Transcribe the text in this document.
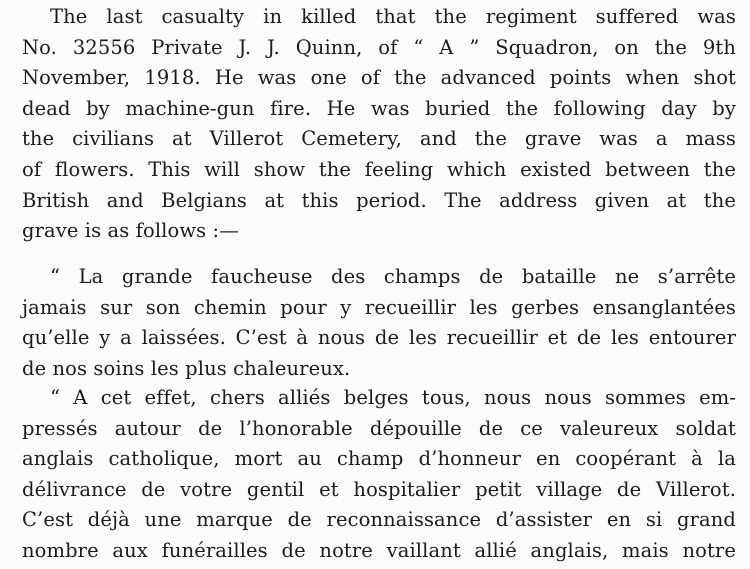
The last casualty in killed that the regiment suffered was
No. 32556 Private J. J. Quinn, of “ A ” Squadron, on the 9th
November, 1918. He was one of the advanced points when shot
dead by machine-gun fire. He was buried the following day by
the civilians at Villerot Cemetery, and the grave was a mass
of flowers. This will show the feeling which existed between the
British and Belgians at this period. The address given at the
grave is as follows :—
“ La grande faucheuse des champs de bataille ne s’arrête
jamais sur son chemin pour y recueillir les gerbes ensanglantées
qu’elle y a laissées. C’est à nous de les recueillir et de les entourer
de nos soins les plus chaleureux.
“ A cet effet, chers alliés belges tous, nous nous sommes em-
pressés autour de l’honorable dépouille de ce valeureux soldat
anglais catholique, mort au champ d’honneur en coopérant à la
délivrance de votre gentil et hospitalier petit village de Villerot.
C’est déjà une marque de reconnaissance d’assister en si grand
nombre aux funérailles de notre vaillant allié anglais, mais notre
